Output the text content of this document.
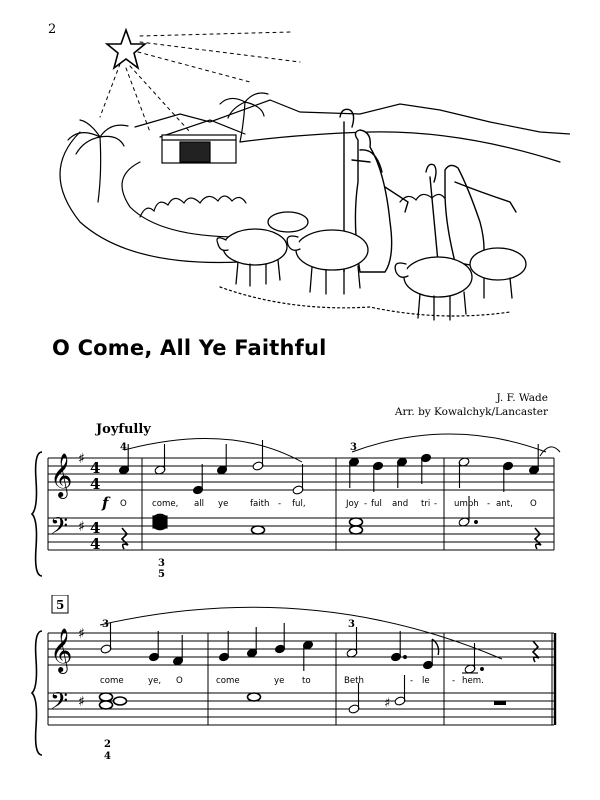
2
O Come, All Ye Faithful
J. F. Wade
Arr. by Kowalchyk/Lancaster
Joyfully
𝄞
𝄢
♯
♯
4
4
4
4
4	3
f O	come, all ye	faith - ful,	Joy - ful and tri - umph - ant, O
3
5
5
𝄞
𝄢
♯
♯
3	3
come	ye, O	come	ye to	Beth	- le	- hem.
2
4
♯
